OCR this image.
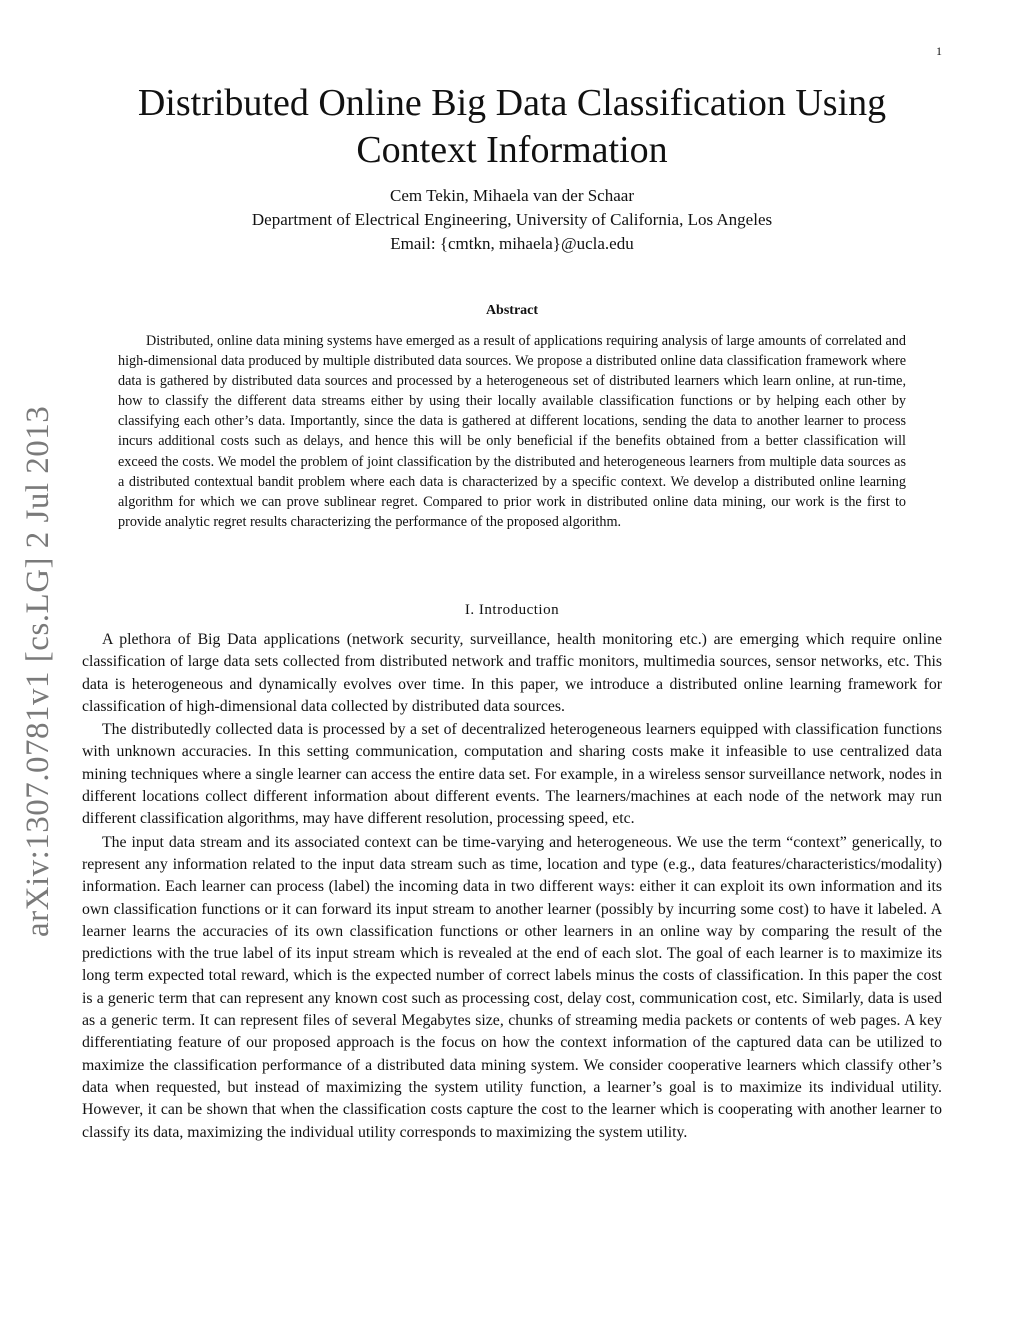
1
arXiv:1307.0781v1 [cs.LG] 2 Jul 2013
Distributed Online Big Data Classification Using Context Information
Cem Tekin, Mihaela van der Schaar
Department of Electrical Engineering, University of California, Los Angeles
Email: {cmtkn, mihaela}@ucla.edu
Abstract

Distributed, online data mining systems have emerged as a result of applications requiring analysis of large amounts of correlated and high-dimensional data produced by multiple distributed data sources. We propose a distributed online data classification framework where data is gathered by distributed data sources and processed by a heterogeneous set of distributed learners which learn online, at run-time, how to classify the different data streams either by using their locally available classification functions or by helping each other by classifying each other’s data. Importantly, since the data is gathered at different locations, sending the data to another learner to process incurs additional costs such as delays, and hence this will be only beneficial if the benefits obtained from a better classification will exceed the costs. We model the problem of joint classification by the distributed and heterogeneous learners from multiple data sources as a distributed contextual bandit problem where each data is characterized by a specific context. We develop a distributed online learning algorithm for which we can prove sublinear regret. Compared to prior work in distributed online data mining, our work is the first to provide analytic regret results characterizing the performance of the proposed algorithm.

I. Introduction

A plethora of Big Data applications (network security, surveillance, health monitoring etc.) are emerging which require online classification of large data sets collected from distributed network and traffic monitors, multimedia sources, sensor networks, etc. This data is heterogeneous and dynamically evolves over time. In this paper, we introduce a distributed online learning framework for classification of high-dimensional data collected by distributed data sources.

The distributedly collected data is processed by a set of decentralized heterogeneous learners equipped with classification functions with unknown accuracies. In this setting communication, computation and sharing costs make it infeasible to use centralized data mining techniques where a single learner can access the entire data set. For example, in a wireless sensor surveillance network, nodes in different locations collect different information about different events. The learners/machines at each node of the network may run different classification algorithms, may have different resolution, processing speed, etc.

The input data stream and its associated context can be time-varying and heterogeneous. We use the term “context” generically, to represent any information related to the input data stream such as time, location and type (e.g., data features/characteristics/modality) information. Each learner can process (label) the incoming data in two different ways: either it can exploit its own information and its own classification functions or it can forward its input stream to another learner (possibly by incurring some cost) to have it labeled. A learner learns the accuracies of its own classification functions or other learners in an online way by comparing the result of the predictions with the true label of its input stream which is revealed at the end of each slot. The goal of each learner is to maximize its long term expected total reward, which is the expected number of correct labels minus the costs of classification. In this paper the cost is a generic term that can represent any known cost such as processing cost, delay cost, communication cost, etc. Similarly, data is used as a generic term. It can represent files of several Megabytes size, chunks of streaming media packets or contents of web pages. A key differentiating feature of our proposed approach is the focus on how the context information of the captured data can be utilized to maximize the classification performance of a distributed data mining system. We consider cooperative learners which classify other’s data when requested, but instead of maximizing the system utility function, a learner’s goal is to maximize its individual utility. However, it can be shown that when the classification costs capture the cost to the learner which is cooperating with another learner to classify its data, maximizing the individual utility corresponds to maximizing the system utility.
